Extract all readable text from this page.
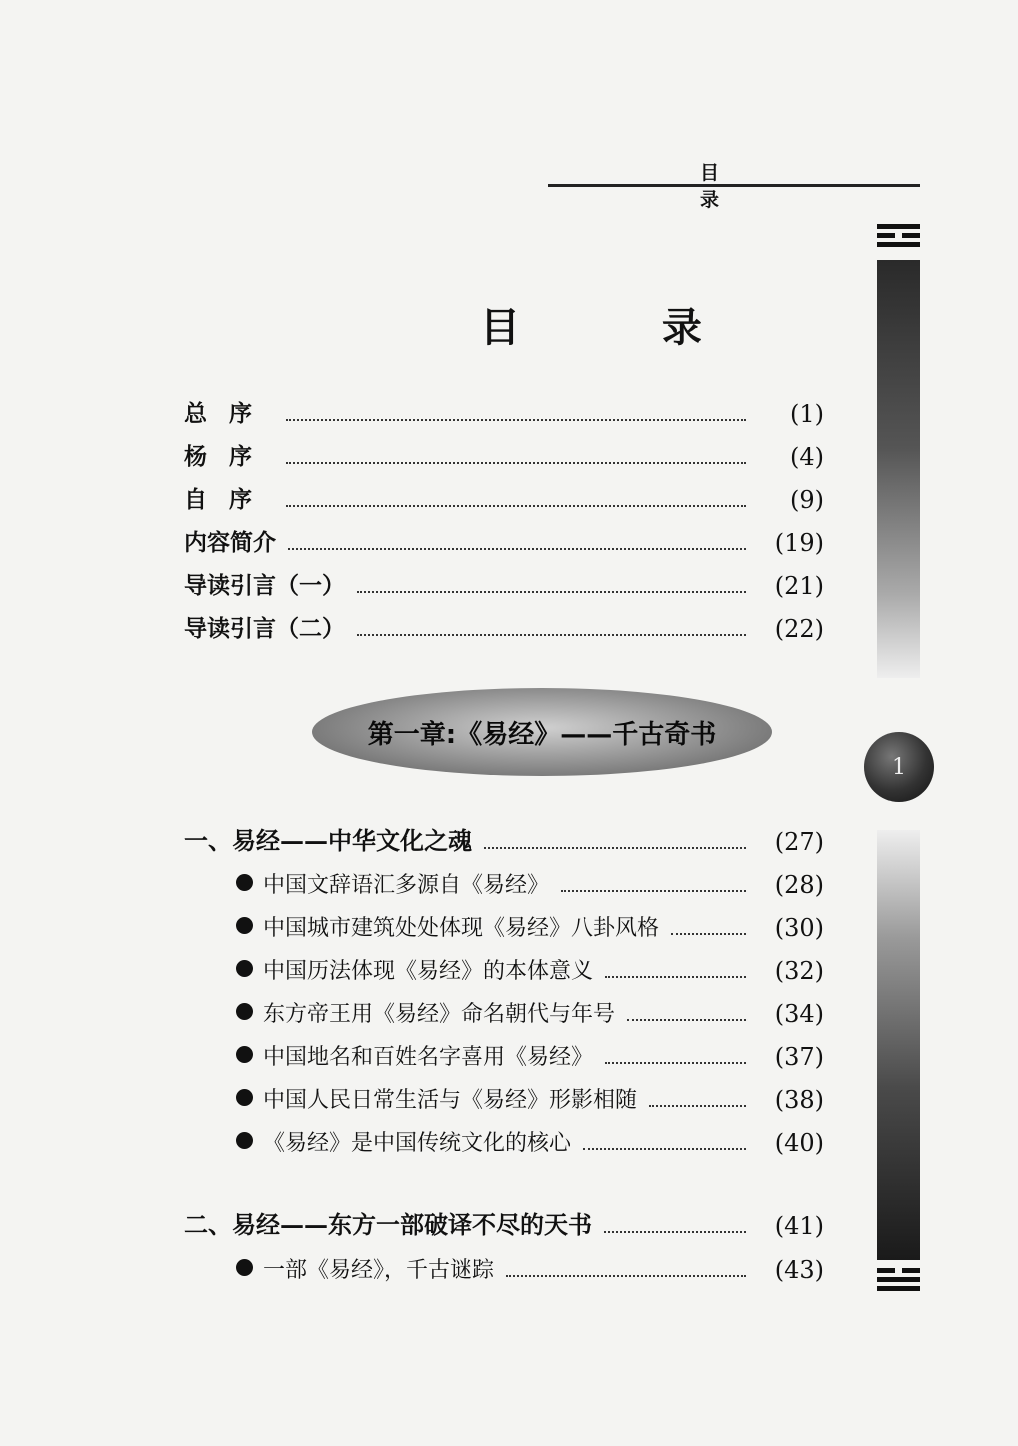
目 录
1
目 录
总序	(1)
杨序	(4)
自序	(9)
内容简介	(19)
导读引言（一）	(21)
导读引言（二）	(22)
一、易经——中华文化之魂	(27)
中国文辞语汇多源自《易经》	(28)
中国城市建筑处处体现《易经》八卦风格	(30)
中国历法体现《易经》的本体意义	(32)
东方帝王用《易经》命名朝代与年号	(34)
中国地名和百姓名字喜用《易经》	(37)
中国人民日常生活与《易经》形影相随	(38)
《易经》是中国传统文化的核心	(40)
二、易经——东方一部破译不尽的天书	(41)
一部《易经》，千古谜踪	(43)
第一章:《易经》——千古奇书
